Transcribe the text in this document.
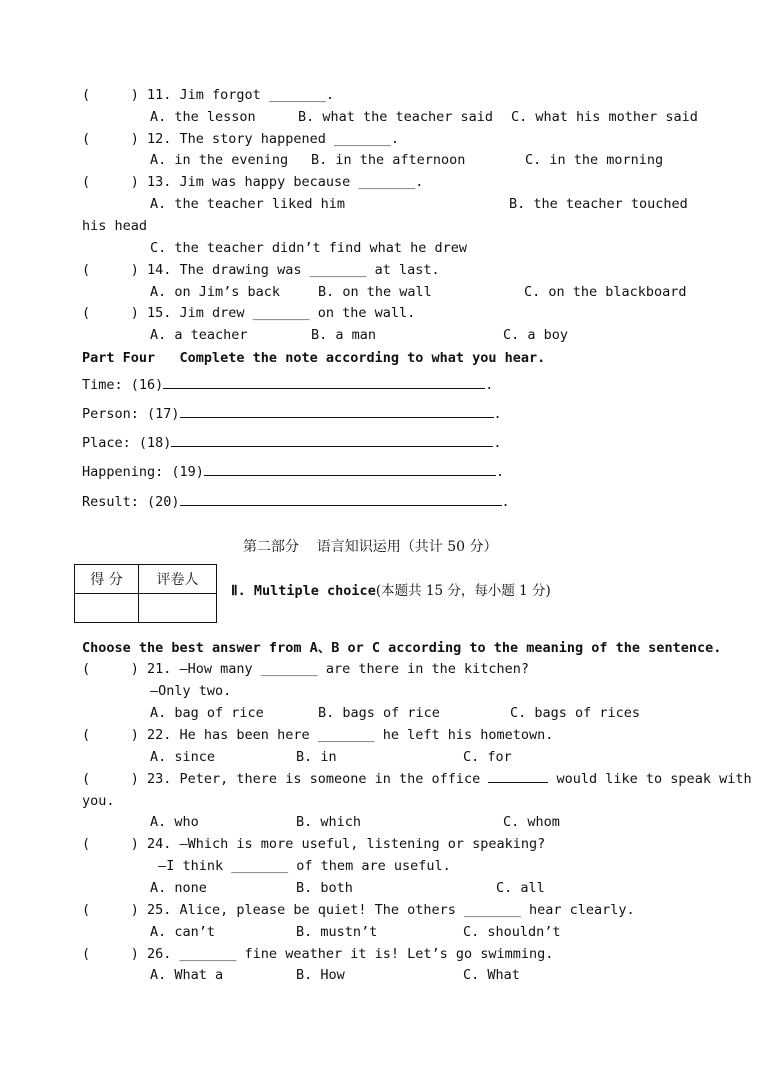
(     ) 11. Jim forgot _______.
A. the lesson	B. what the teacher said C. what his mother said
(     ) 12. The story happened _______.
A. in the evening B. in the afternoon	C. in the morning
(     ) 13. Jim was happy because _______.
A. the teacher liked him	B. the teacher touched
his head
C. the teacher didn’t find what he drew
(     ) 14. The drawing was _______ at last.
A. on Jim’s back	B. on the wall	C. on the blackboard
(     ) 15. Jim drew _______ on the wall.
A. a teacher	B. a man	C. a boy
Part Four   Complete the note according to what you hear.
Time: (16)	.
Person: (17)	.
Place: (18)	.
Happening: (19)	.
Result: (20)	.
第二部分    语言知识运用（共计 50 分）
得 分	评卷人

Ⅱ. Multiple choice(本题共 15 分，每小题 1 分)
Choose the best answer from A、B or C according to the meaning of the sentence.
(     ) 21. —How many _______ are there in the kitchen?
—Only two.
A. bag of rice	B. bags of rice	C. bags of rices
(     ) 22. He has been here _______ he left his hometown.
A. since	B. in	C. for
(     ) 23. Peter, there is someone in the office	would like to speak with
you.
A. who	B. which	C. whom
(     ) 24. —Which is more useful, listening or speaking?
—I think _______ of them are useful.
A. none	B. both	C. all
(     ) 25. Alice, please be quiet! The others _______ hear clearly.
A. can’t	B. mustn’t	C. shouldn’t
(     ) 26. _______ fine weather it is! Let’s go swimming.
A. What a	B. How	C. What
